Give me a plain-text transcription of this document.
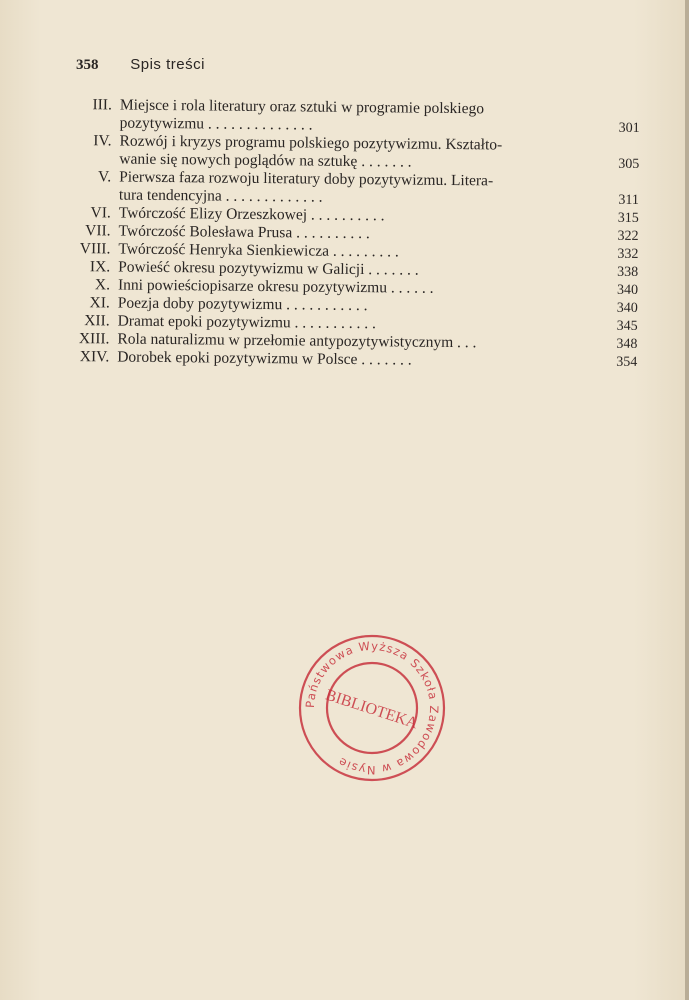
358 Spis treści
III. Miejsce i rola literatury oraz sztuki w programie polskiego
pozytywizmu . . . . . . . . . . . . . .	301
IV. Rozwój i kryzys programu polskiego pozytywizmu. Kształto-
wanie się nowych poglądów na sztukę . . . . . . .	305
V. Pierwsza faza rozwoju literatury doby pozytywizmu. Litera-
tura tendencyjna . . . . . . . . . . . . .	311
VI. Twórczość Elizy Orzeszkowej . . . . . . . . . .	315
VII. Twórczość Bolesława Prusa . . . . . . . . . .	322
VIII. Twórczość Henryka Sienkiewicza . . . . . . . . .	332
IX. Powieść okresu pozytywizmu w Galicji . . . . . . .	338
X. Inni powieściopisarze okresu pozytywizmu . . . . . .	340
XI. Poezja doby pozytywizmu . . . . . . . . . . .	340
XII. Dramat epoki pozytywizmu . . . . . . . . . . .	345
XIII. Rola naturalizmu w przełomie antypozytywistycznym . . .	348
XIV. Dorobek epoki pozytywizmu w Polsce . . . . . . .	354
Państwowa Wyższa Szkoła Zawodowa w Nysie
BIBLIOTEKA
